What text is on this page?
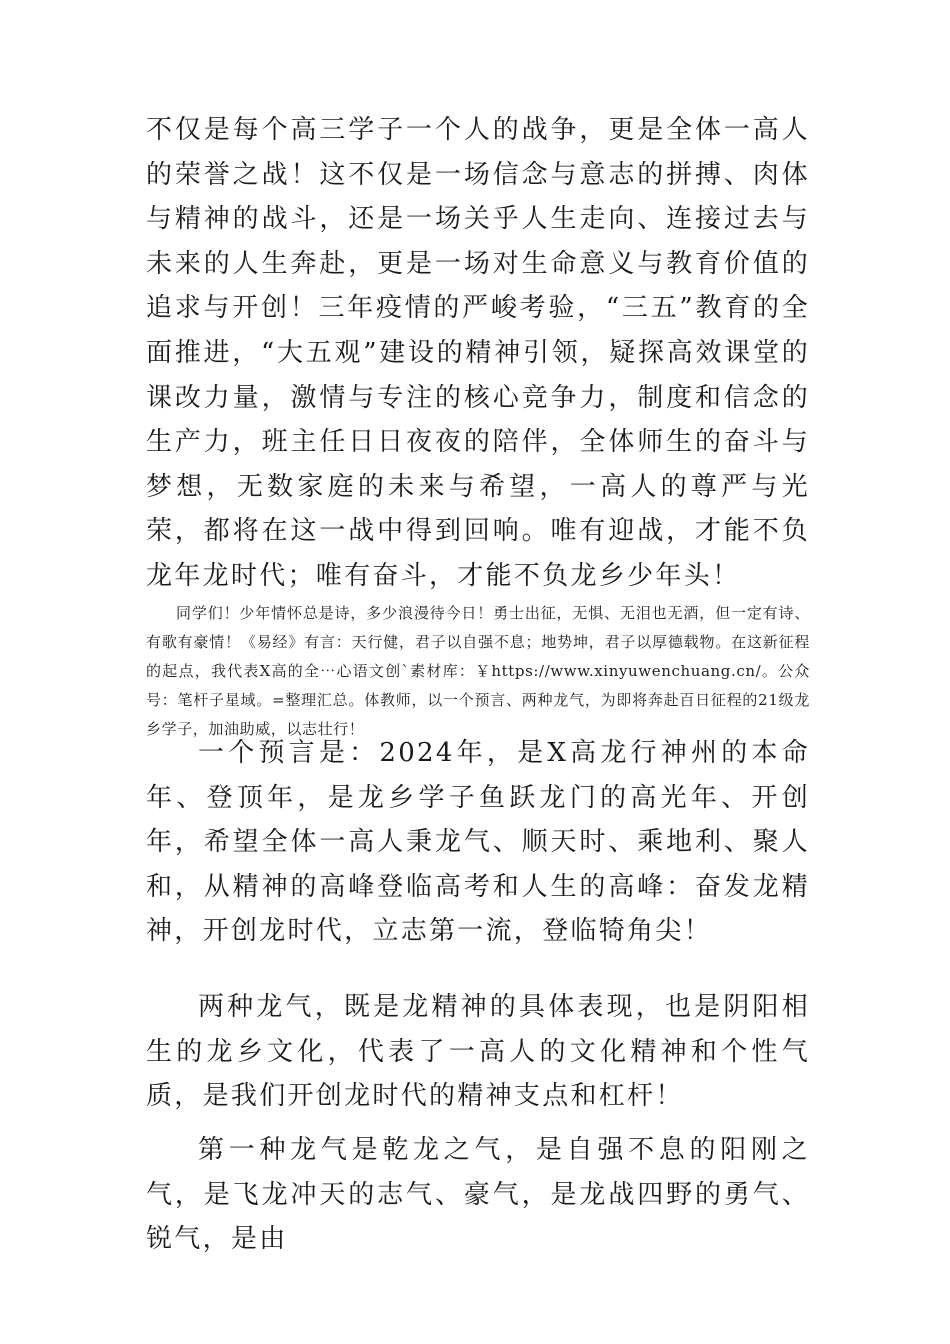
不仅是每个高三学子一个人的战争，更是全体一高人的荣誉之战！这不仅是一场信念与意志的拼搏、肉体与精神的战斗，还是一场关乎人生走向、连接过去与未来的人生奔赴，更是一场对生命意义与教育价值的追求与开创！三年疫情的严峻考验，“三五”教育的全面推进，“大五观”建设的精神引领，疑探高效课堂的课改力量，激情与专注的核心竞争力，制度和信念的生产力，班主任日日夜夜的陪伴，全体师生的奋斗与梦想，无数家庭的未来与希望，一高人的尊严与光荣，都将在这一战中得到回响。唯有迎战，才能不负龙年龙时代；唯有奋斗，才能不负龙乡少年头！

同学们！少年情怀总是诗，多少浪漫待今日！勇士出征，无惧、无泪也无酒，但一定有诗、有歌有豪情！《易经》有言：天行健，君子以自强不息；地势坤，君子以厚德载物。在这新征程的起点，我代表X高的全⋯心语文创`素材库：￥https://www.xinyuwenchuang.cn/。公众号：笔杆子星域。=整理汇总。体教师，以一个预言、两种龙气，为即将奔赴百日征程的21级龙乡学子，加油助威，以志壮行！

一个预言是：2024年，是X高龙行神州的本命年、登顶年，是龙乡学子鱼跃龙门的高光年、开创年，希望全体一高人秉龙气、顺天时、乘地利、聚人和，从精神的高峰登临高考和人生的高峰：奋发龙精神，开创龙时代，立志第一流，登临犄角尖！

两种龙气，既是龙精神的具体表现，也是阴阳相生的龙乡文化，代表了一高人的文化精神和个性气质，是我们开创龙时代的精神支点和杠杆！

第一种龙气是乾龙之气，是自强不息的阳刚之气，是飞龙冲天的志气、豪气，是龙战四野的勇气、锐气，是由
